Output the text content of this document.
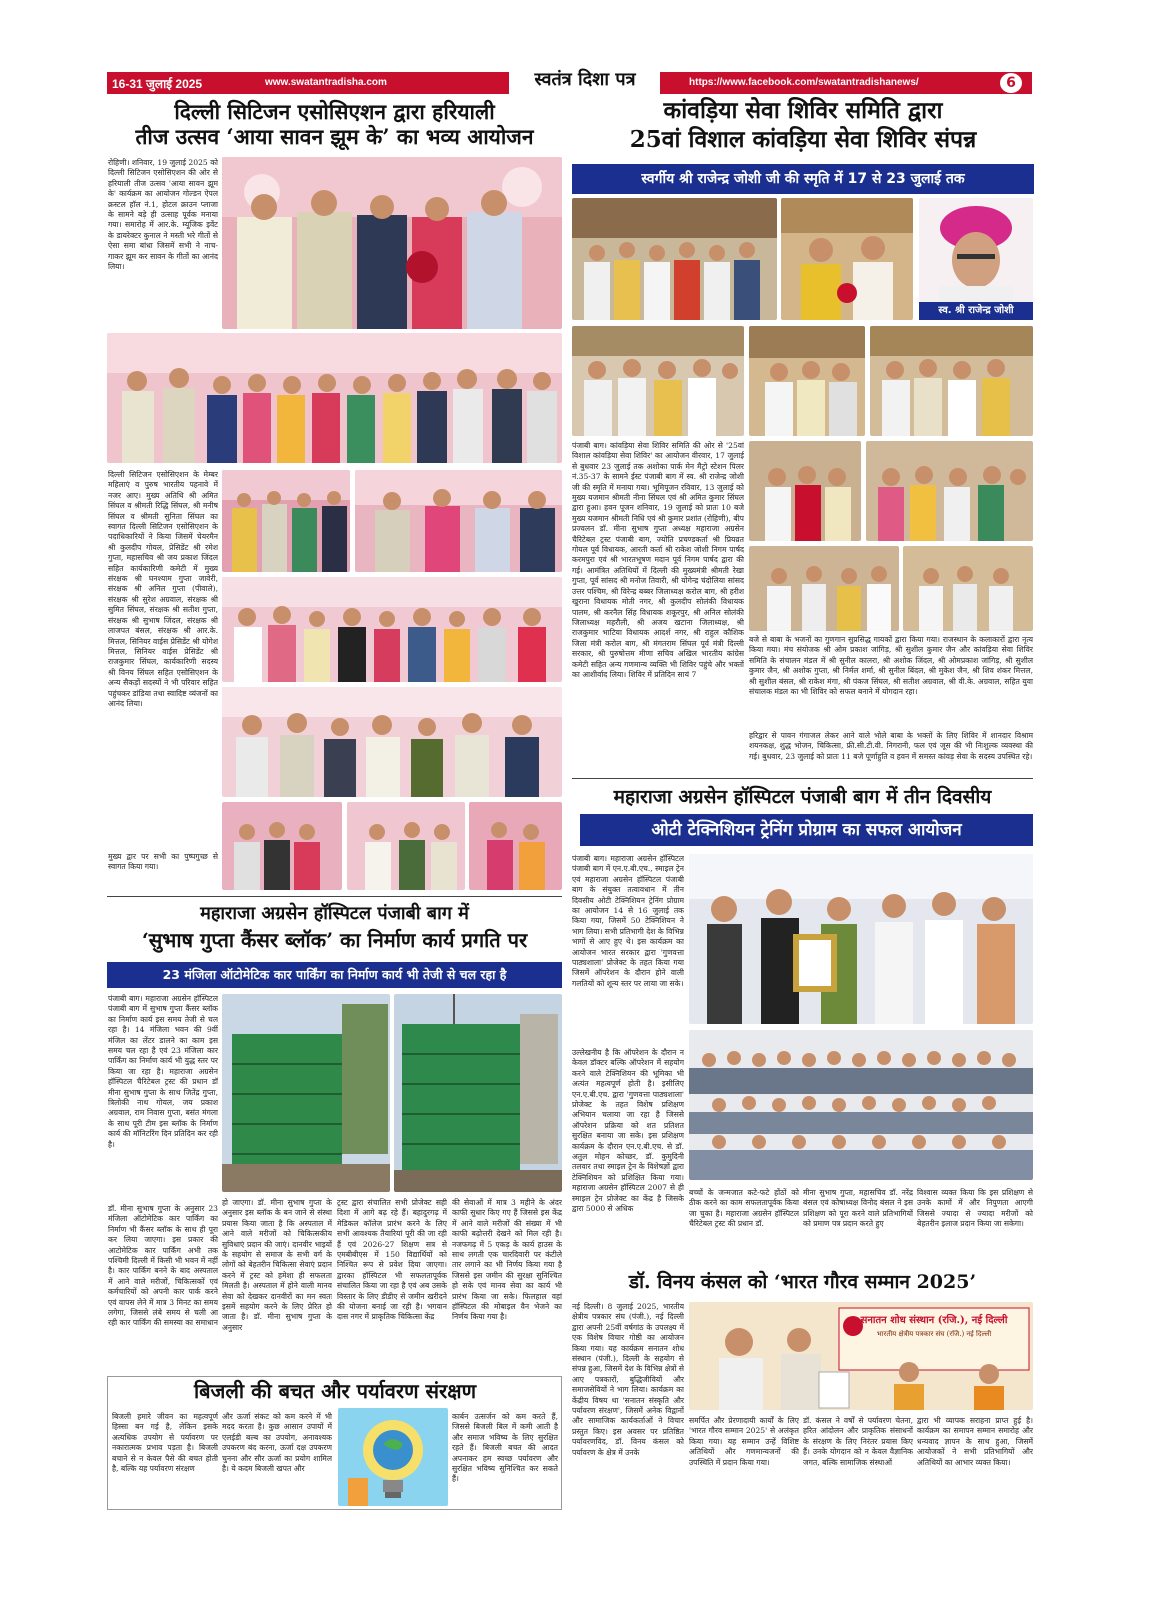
16-31 जुलाई 2025	www.swatantradisha.com	स्वतंत्र दिशा पत्र	https://www.facebook.com/swatantradishanews/	6
दिल्ली सिटिजन एसोसिएशन द्वारा हरियाली
तीज उत्सव ‘आया सावन झूम के’ का भव्य आयोजन
रोहिणी। शनिवार, 19 जुलाई 2025 को दिल्ली सिटिजन एसोसिएशन की ओर से हरियाली तीज उत्सव 'आया सावन झूम के' कार्यक्रम का आयोजन गोल्डन ऐपल क्रस्टल हॉल नं.1, होटल क्राउन प्लाजा के सामने बड़े ही उत्साह पूर्वक मनाया गया। समारोह में आर.के. म्यूजिक इवेंट के डायरेक्टर कुनाल ने मस्ती भरे गीतों से ऐसा समा बांधा जिसमें सभी ने नाच-गाकर झूम कर सावन के गीतों का आनंद लिया।
दिल्ली सिटिजन एसोसिएशन के मेम्बर महिलाएं व पुरुष भारतीय पहनावे में नजर आए। मुख्य अतिथि श्री अमित सिंघल व श्रीमती रिद्धि सिंघल, श्री मनीष सिंघल व श्रीमती सुनिता सिंघल का स्वागत दिल्ली सिटिजन एसोसिएशन के पदाधिकारियों ने किया जिसमें चेयरमैन श्री कुलदीप गोयल, प्रेसिडेंट श्री रमेश गुप्ता, महासचिव श्री जय प्रकाश जिंदल सहित कार्यकारिणी कमेटी में मुख्य संरक्षक श्री घनश्याम गुप्ता जावेरी, संरक्षक श्री अनिल गुप्ता (पीवाले), संरक्षक श्री सुरेश अग्रवाल, संरक्षक श्री सुमित सिंघल, संरक्षक श्री सतीश गुप्ता, संरक्षक श्री सुभाष जिंदल, संरक्षक श्री लाजपत बंसल, संरक्षक श्री आर.के. मित्तल, सिनियर वाईस प्रेसिडेंट श्री योगेश मित्तल, सिनियर वाईस प्रेसिडेंट श्री राजकुमार सिंघल, कार्यकारिणी सदस्य श्री विनय सिंघल सहित एसोसिएशन के अन्य सैकड़ों सदस्यों ने भी परिवार सहित पहुंचकर डांडिया तथा स्वादिष्ट व्यंजनों का आनंद लिया।
मुख्य द्वार पर सभी का पुष्पगुच्छ से स्वागत किया गया।
कांवड़िया सेवा शिविर समिति द्वारा
25वां विशाल कांवड़िया सेवा शिविर संपन्न
स्वर्गीय श्री राजेन्द्र जोशी जी की स्मृति में 17 से 23 जुलाई तक
स्व. श्री राजेन्द्र जोशी
पंजाबी बाग। कांवड़िया सेवा शिविर समिति की ओर से '25वां विशाल कांवड़िया सेवा शिविर' का आयोजन वीरवार, 17 जुलाई से बुधवार 23 जुलाई तक अशोका पार्क मेन मैट्रो स्टेशन पिलर नं.35-37 के सामने ईस्ट पंजाबी बाग में स्व. श्री राजेन्द्र जोशी जी की स्मृति में मनाया गया। भूमिपूजन रविवार, 13 जुलाई को मुख्य यजमान श्रीमती नीना सिंघल एवं श्री अमित कुमार सिंघल द्वारा हुआ। हवन पूजन शनिवार, 19 जुलाई को प्रातः 10 बजे मुख्य यजमान श्रीमती निधि एवं श्री कुमार प्रशांत (रोहिणी), बीप प्रज्वलन डॉ. मीना सुभाष गुप्ता अध्यक्ष महाराजा अग्रसेन चैरिटेबल ट्रस्ट पंजाबी बाग, ज्योति प्रचण्डकर्ता श्री प्रियव्रत गोयल पूर्व विधायक, आरती कर्ता श्री राकेश जोशी निगम पार्षद करमपुरा एवं श्री भारतभूषण मदान पूर्व निगम पार्षद द्वारा की गई। आमंत्रित अतिथियों में दिल्ली की मुख्यमंत्री श्रीमती रेखा गुप्ता, पूर्व सांसद श्री मनोज तिवारी, श्री योगेन्द्र चंदोलिया सांसद उत्तर पश्चिम, श्री विरेन्द्र बब्बर जिलाध्यक्ष करोल बाग, श्री हरीश खुराना विधायक मोती नगर, श्री कुलदीप सोलंकी विधायक पालम, श्री करनैल सिंह विधायक शकूरपुर, श्री अनिल सोलंकी जिलाध्यक्ष महरौली, श्री अजय खटाना जिलाध्यक्ष, श्री राजकुमार भाटिया विधायक आदर्श नगर, श्री राहुल कौशिक जिला मंत्री करोल बाग, श्री मंगतराम सिंघल पूर्व मंत्री दिल्ली सरकार, श्री पुरुषोत्तम मीणा सचिव अखिल भारतीय कांग्रेस कमेटी सहित अन्य गणमान्य व्यक्ति भी शिविर पहुंचे और भक्तों का आशीर्वाद लिया। शिविर में प्रतिदिन सायं 7
बजे से बाबा के भजनों का गुणगान सुप्रसिद्ध गायकों द्वारा किया गया। राजस्थान के कलाकारों द्वारा नृत्य किया गया। मंच संयोजक श्री ओम प्रकाश जांगिड़, श्री सुशील कुमार जैन और कांवड़िया सेवा शिविर समिति के संचालन मंडल में श्री सुनील कालरा, श्री अशोक जिंदल, श्री ओमप्रकाश जांगिड़, श्री सुशील कुमार जैन, श्री अशोक गुप्ता, श्री निर्मल शर्मा, श्री सुनील बिंदल, श्री मुकेश जैन, श्री शिव शंकर मित्तल, श्री सुशील बंसल, श्री राकेश मंगा, श्री पंकज सिंघल, श्री सतीश अग्रवाल, श्री वी.के. अग्रवाल, सहित युवा संचालक मंडल का भी शिविर को सफल बनाने में योगदान रहा।
हरिद्वार से पावन गंगाजल लेकर आने वाले भोले बाबा के भक्तों के लिए शिविर में शानदार विश्राम शयनकक्ष, शुद्ध भोजन, चिकित्सा, फ्री.सी.टी.वी. निगरानी, फल एवं जूस की भी निःशुल्क व्यवस्था की गई। बुधवार, 23 जुलाई को प्रातः 11 बजे पूर्णाहुति व हवन में समस्त कांवड़ सेवा के सदस्य उपस्थित रहे।
महाराजा अग्रसेन हॉस्पिटल पंजाबी बाग में तीन दिवसीय
ओटी टेक्निशियन ट्रेनिंग प्रोग्राम का सफल आयोजन
पंजाबी बाग। महाराजा अग्रसेन हॉस्पिटल पंजाबी बाग में एन.ए.बी.एच., स्माइल ट्रेन एवं महाराजा अग्रसेन हॉस्पिटल पंजाबी बाग के संयुक्त तत्वावधान में तीन दिवसीय ओटी टेक्निशियन ट्रेनिंग प्रोग्राम का आयोजन 14 से 16 जुलाई तक किया गया, जिसमें 50 टेक्निशियन ने भाग लिया। सभी प्रतिभागी देश के विभिन्न भागों से आए हुए थे। इस कार्यक्रम का आयोजन भारत सरकार द्वारा 'गुणवत्ता पाठ्यशाला' प्रोजेक्ट के तहत किया गया जिसमें ऑपरेशन के दौरान होने वाली गलतियों को शून्य स्तर पर लाया जा सके।
उल्लेखनीय है कि ऑपरेशन के दौरान न केवल डॉक्टर बल्कि ऑपरेशन में सहयोग करने वाले टेक्निशियन की भूमिका भी अत्यंत महत्वपूर्ण होती है। इसीलिए एन.ए.बी.एच. द्वारा 'गुणवत्ता पाठ्यशाला' प्रोजेक्ट के तहत विशेष प्रशिक्षण अभियान चलाया जा रहा है जिससे ऑपरेशन प्रक्रिया को शत प्रतिशत सुरक्षित बनाया जा सके। इस प्रशिक्षण कार्यक्रम के दौरान एन.ए.बी.एच. से डॉ. अतुल मोहन कोच्छर, डॉ. कुमुदिनी तलवार तथा स्माइल ट्रेन के विशेषज्ञों द्वारा टेक्निशियन को प्रशिक्षित किया गया। महाराजा अग्रसेन हॉस्पिटल 2007 से ही स्माइल ट्रेन प्रोजेक्ट का केंद्र है जिसके द्वारा 5000 से अधिक
बच्चों के जन्मजात कटे-फटे होंठों को ठीक करने का काम सफलतापूर्वक किया जा चुका है। महाराजा अग्रसेन हॉस्पिटल चैरिटेबल ट्रस्ट की प्रधान डॉ.
मीना सुभाष गुप्ता, महासचिव डॉ. नरेंद्र बंसल एवं कोषाध्यक्ष विनोद बंसल ने इस प्रशिक्षण को पूरा करने वाले प्रतिभागियों को प्रमाण पत्र प्रदान करते हुए
विश्वास व्यक्त किया कि इस प्रशिक्षण से उनके कामों में और निपुणता आएगी जिससे ज्यादा से ज्यादा मरीजों को बेहतरीन इलाज प्रदान किया जा सकेगा।
डॉ. विनय कंसल को ‘भारत गौरव सम्मान 2025’
नई दिल्ली। 8 जुलाई 2025, भारतीय क्षेत्रीय पत्रकार संघ (पंजी.), नई दिल्ली द्वारा अपनी 25वीं वर्षगांठ के उपलक्ष्य में एक विशेष विचार गोष्ठी का आयोजन किया गया। यह कार्यक्रम सनातन शोध संस्थान (पंजी.), दिल्ली के सहयोग से संपन्न हुआ, जिसमें देश के विभिन्न क्षेत्रों से आए पत्रकारों, बुद्धिजीवियों और समाजसेवियों ने भाग लिया। कार्यक्रम का केंद्रीय विषय था 'सनातन संस्कृति और पर्यावरण संरक्षण', जिसमें अनेक विद्वानों और सामाजिक कार्यकर्ताओं ने विचार प्रस्तुत किए। इस अवसर पर प्रतिष्ठित पर्यावरणविद, डॉ. विनय कंसल को पर्यावरण के क्षेत्र में उनके
सनातन शोध संस्थान (रजि.), नई दिल्ली
भारतीय क्षेत्रीय पत्रकार संघ (रजि.) नई दिल्ली
समर्पित और प्रेरणादायी कार्यों के लिए 'भारत गौरव सम्मान 2025' से अलंकृत किया गया। यह सम्मान उन्हें विशिष्ट अतिथियों और गणमान्यजनों की उपस्थिति में प्रदान किया गया।
डॉ. कंसल ने वर्षों से पर्यावरण चेतना, हरित आंदोलन और प्राकृतिक संसाधनों के संरक्षण के लिए निरंतर प्रयास किए हैं। उनके योगदान को न केवल वैज्ञानिक जगत, बल्कि सामाजिक संस्थाओं
द्वारा भी व्यापक सराहना प्राप्त हुई है। कार्यक्रम का समापन सम्मान समारोह और धन्यवाद ज्ञापन के साथ हुआ, जिसमें आयोजकों ने सभी प्रतिभागियों और अतिथियों का आभार व्यक्त किया।
महाराजा अग्रसेन हॉस्पिटल पंजाबी बाग में
‘सुभाष गुप्ता कैंसर ब्लॉक’ का निर्माण कार्य प्रगति पर
23 मंजिला ऑटोमेटिक कार पार्किंग का निर्माण कार्य भी तेजी से चल रहा है
पंजाबी बाग। महाराजा अग्रसेन हॉस्पिटल पंजाबी बाग में सुभाष गुप्ता कैंसर ब्लॉक का निर्माण कार्य इस समय तेजी से चल रहा है। 14 मंजिला भवन की 9वीं मंजिल का लेंटर डालने का काम इस समय चल रहा है एवं 23 मंजिला कार पार्किंग का निर्माण कार्य भी युद्ध स्तर पर किया जा रहा है। महाराजा अग्रसेन हॉस्पिटल चैरिटेबल ट्रस्ट की प्रधान डॉ मीना सुभाष गुप्ता के साथ जितेंद्र गुप्ता, त्रिलोकी नाथ गोयल, जय प्रकाश अग्रवाल, राम निवास गुप्ता, बसंत मंगला के साथ पूरी टीम इस ब्लॉक के निर्माण कार्य की मॉनिटरिंग दिन प्रतिदिन कर रही है।
डॉ. मीना सुभाष गुप्ता के अनुसार 23 मंजिला ऑटोमेटिक कार पार्किंग का निर्माण भी कैंसर ब्लॉक के साथ ही पूरा कर लिया जाएगा। इस प्रकार की आटोमेटिक कार पार्किंग अभी तक पश्चिमी दिल्ली में किसी भी भवन में नहीं है। कार पार्किंग बनने के बाद अस्पताल में आने वाले मरीजों, चिकित्सकों एवं कर्मचारियों को अपनी कार पार्क करने एवं वापस लेने में मात्र 3 मिनट का समय लगेगा, जिससे लंबे समय से चली आ रही कार पार्किंग की समस्या का समाधान
हो जाएगा। डॉ. मीना सुभाष गुप्ता के अनुसार इस ब्लॉक के बन जाने से संस्था प्रयास किया जाता है कि अस्पताल में आने वाले मरीजों को चिकित्सकीय सुविधाएं प्रदान की जाएं। दानवीर भाइयों के सहयोग से समाज के सभी वर्ग के लोगों को बेहतरीन चिकित्सा सेवाएं प्रदान करने में ट्रस्ट को हमेशा ही सफलता मिलती है। अस्पताल में होने वाली मानव सेवा को देखकर दानवीरों का मन स्वतः इसमें सहयोग करने के लिए प्रेरित हो जाता है। डॉ. मीना सुभाष गुप्ता के अनुसार
ट्रस्ट द्वारा संचालित सभी प्रोजेक्ट सही दिशा में आगे बढ़ रहे हैं। बहादुरगढ़ में मेडिकल कॉलेज प्रारंभ करने के लिए सभी आवश्यक तैयारियां पूरी की जा रही हैं एवं 2026-27 शिक्षण सत्र से एमबीबीएस में 150 विद्यार्थियों को निश्चित रूप से प्रवेश दिया जाएगा। द्वारका हॉस्पिटल भी सफलतापूर्वक संचालित किया जा रहा है एवं अब उसके विस्तार के लिए डीडीए से जमीन खरीदने की योजना बनाई जा रही है। भगवान दास नगर में प्राकृतिक चिकित्सा केंद्र
की सेवाओं में मात्र 3 महीने के अंदर काफी सुधार किए गए हैं जिससे इस केंद्र में आने वाले मरीजों की संख्या में भी काफी बढ़ोत्तरी देखने को मिल रही है। नजफगढ़ में 5 एकड़ के कार्य हाउस के साथ लगती एक चारदिवारी पर कंटीले तार लगाने का भी निर्णय किया गया है जिससे इस जमीन की सुरक्षा सुनिश्चित हो सके एवं मानव सेवा का कार्य भी प्रारंभ किया जा सके। फिलहाल वहां हॉस्पिटल की मोबाइल वैन भेजने का निर्णय किया गया है।
बिजली की बचत और पर्यावरण संरक्षण
बिजली हमारे जीवन का महत्वपूर्ण हिस्सा बन गई है, लेकिन इसके अत्यधिक उपयोग से पर्यावरण पर नकारात्मक प्रभाव पड़ता है। बिजली बचाने से न केवल पैसे की बचत होती है, बल्कि यह पर्यावरण संरक्षण
और ऊर्जा संकट को कम करने में भी मदद करता है। कुछ आसान उपायों में एलईडी बल्ब का उपयोग, अनावश्यक उपकरण बंद करना, ऊर्जा दक्ष उपकरण चुनना और सौर ऊर्जा का प्रयोग शामिल है। ये कदम बिजली खपत और
कार्बन उत्सर्जन को कम करते हैं, जिससे बिजली बिल में कमी आती है और समाज भविष्य के लिए सुरक्षित रहते हैं। बिजली बचत की आदत अपनाकर हम स्वच्छ पर्यावरण और सुरक्षित भविष्य सुनिश्चित कर सकते हैं।
